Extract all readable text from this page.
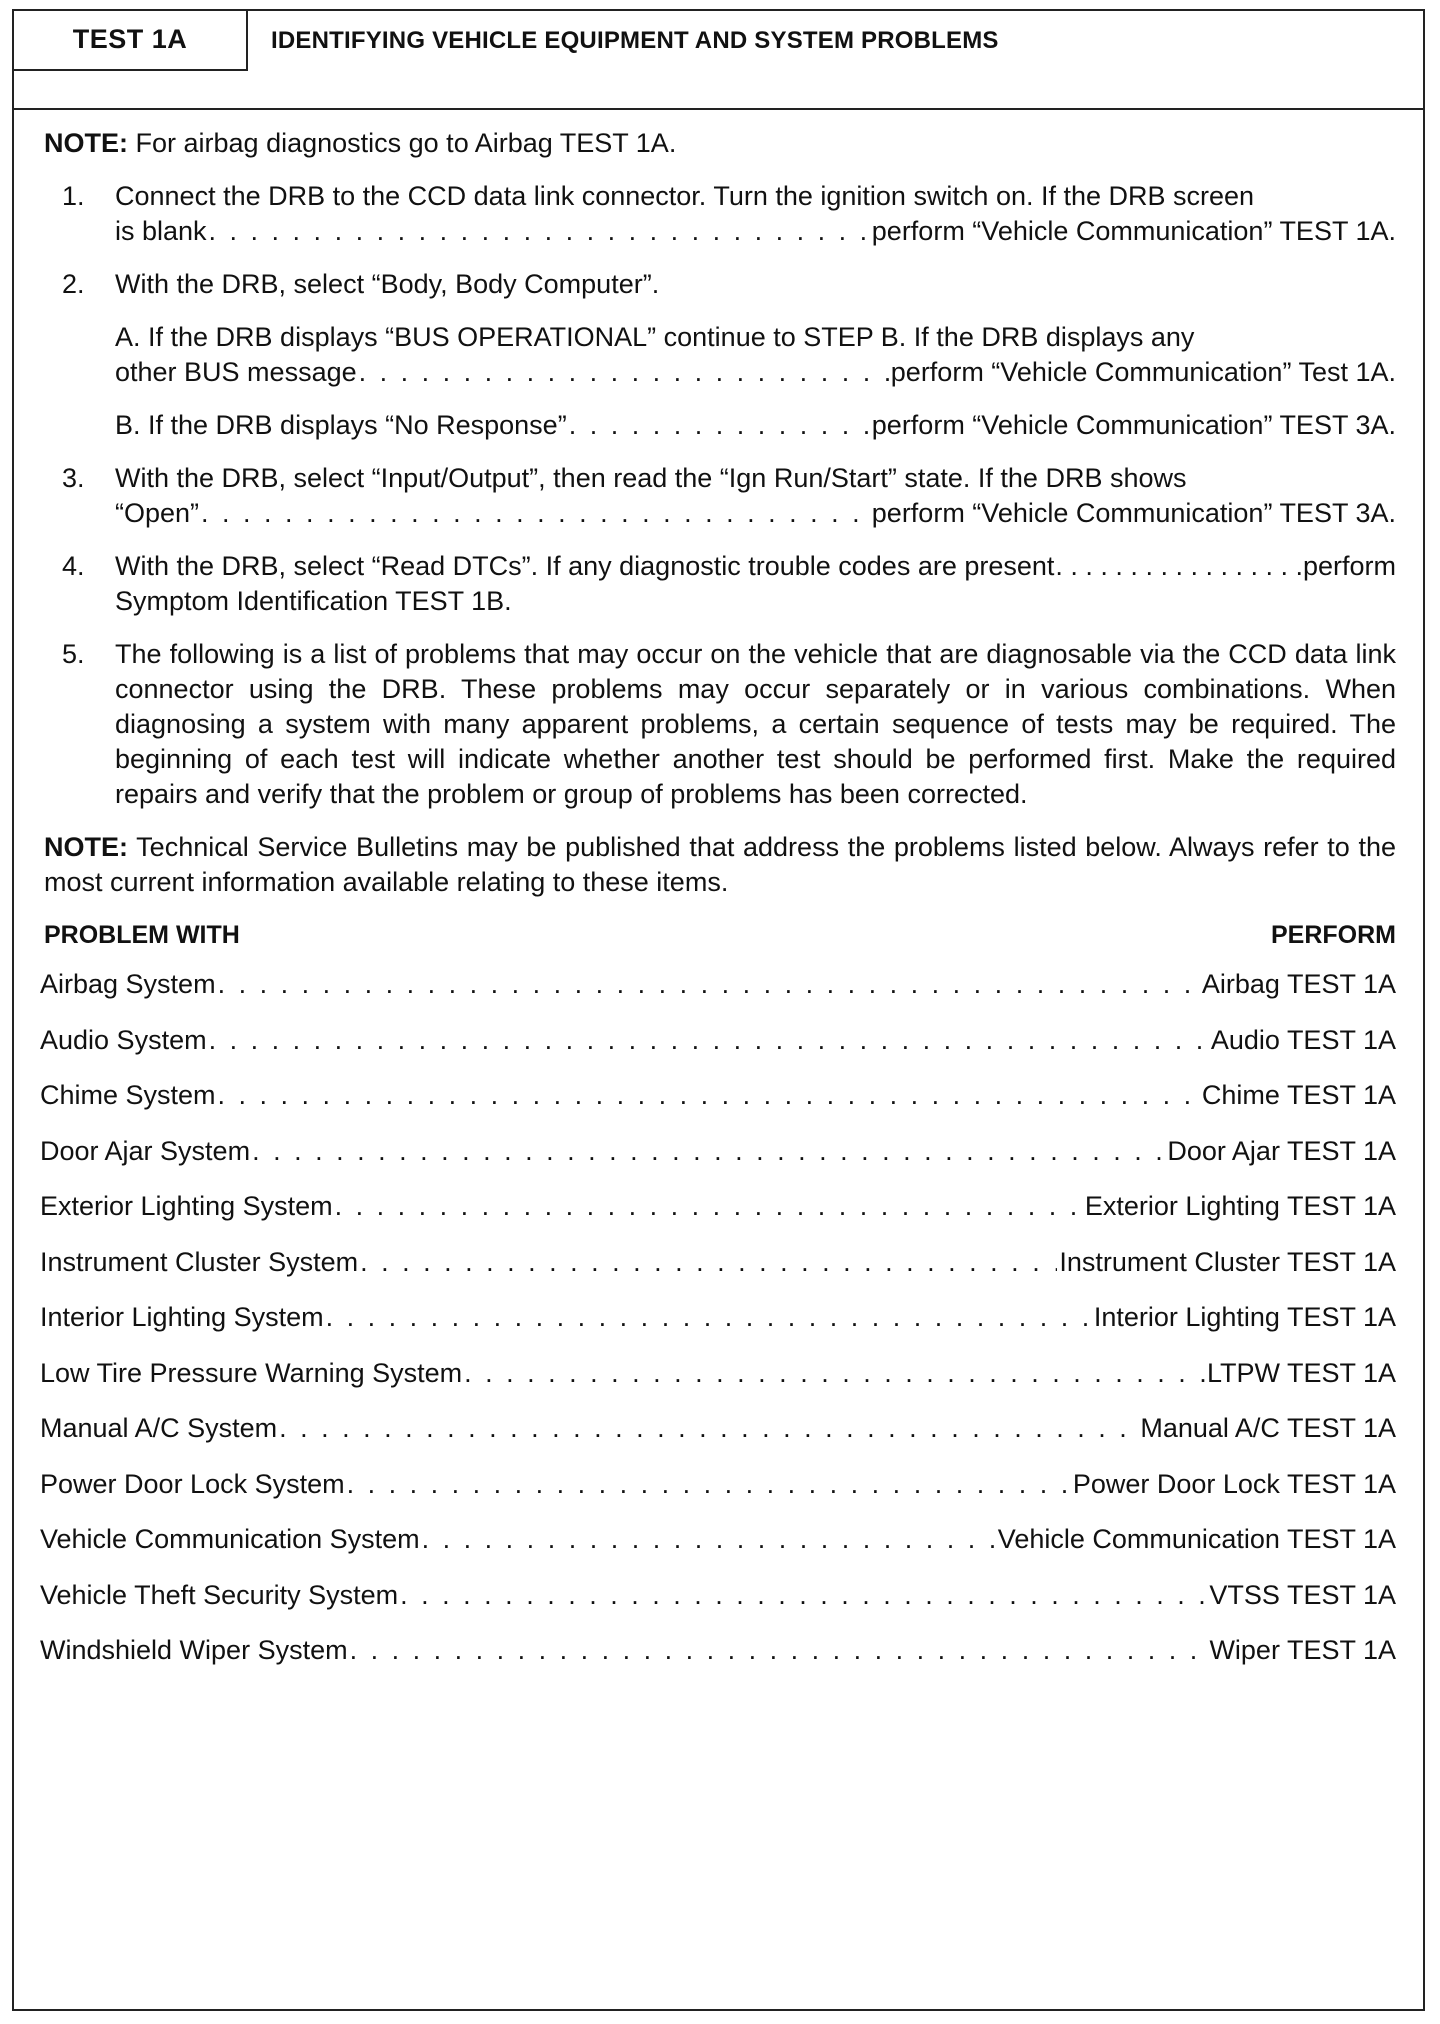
TEST 1A	IDENTIFYING VEHICLE EQUIPMENT AND SYSTEM PROBLEMS

NOTE: For airbag diagnostics go to Airbag TEST 1A.

1. Connect the DRB to the CCD data link connector. Turn the ignition switch on. If the DRB screen
is blank . . .	perform “Vehicle Communication” TEST 1A.
2. With the DRB, select “Body, Body Computer”.
A. If the DRB displays “BUS OPERATIONAL” continue to STEP B. If the DRB displays any
other BUS message . . .	perform “Vehicle Communication” Test 1A.
B. If the DRB displays “No Response” . . .	perform “Vehicle Communication” TEST 3A.
3. With the DRB, select “Input/Output”, then read the “Ign Run/Start” state. If the DRB shows
“Open” . . .	perform “Vehicle Communication” TEST 3A.
4. With the DRB, select “Read DTCs”. If any diagnostic trouble codes are present . . .	perform
Symptom Identification TEST 1B.
5. The following is a list of problems that may occur on the vehicle that are diagnosable via the CCD data link connector using the DRB. These problems may occur separately or in various combinations. When diagnosing a system with many apparent problems, a certain sequence of tests may be required. The beginning of each test will indicate whether another test should be performed first. Make the required repairs and verify that the problem or group of problems has been corrected.

NOTE: Technical Service Bulletins may be published that address the problems listed below. Always refer to the most current information available relating to these items.

PROBLEM WITH	PERFORM
Airbag System . . .	Airbag TEST 1A
Audio System . . .	Audio TEST 1A
Chime System . . .	Chime TEST 1A
Door Ajar System . . .	Door Ajar TEST 1A
Exterior Lighting System . . .	Exterior Lighting TEST 1A
Instrument Cluster System . . .	Instrument Cluster TEST 1A
Interior Lighting System . . .	Interior Lighting TEST 1A
Low Tire Pressure Warning System . . .	LTPW TEST 1A
Manual A/C System . . .	Manual A/C TEST 1A
Power Door Lock System . . .	Power Door Lock TEST 1A
Vehicle Communication System . . .	Vehicle Communication TEST 1A
Vehicle Theft Security System . . .	VTSS TEST 1A
Windshield Wiper System . . .	Wiper TEST 1A
